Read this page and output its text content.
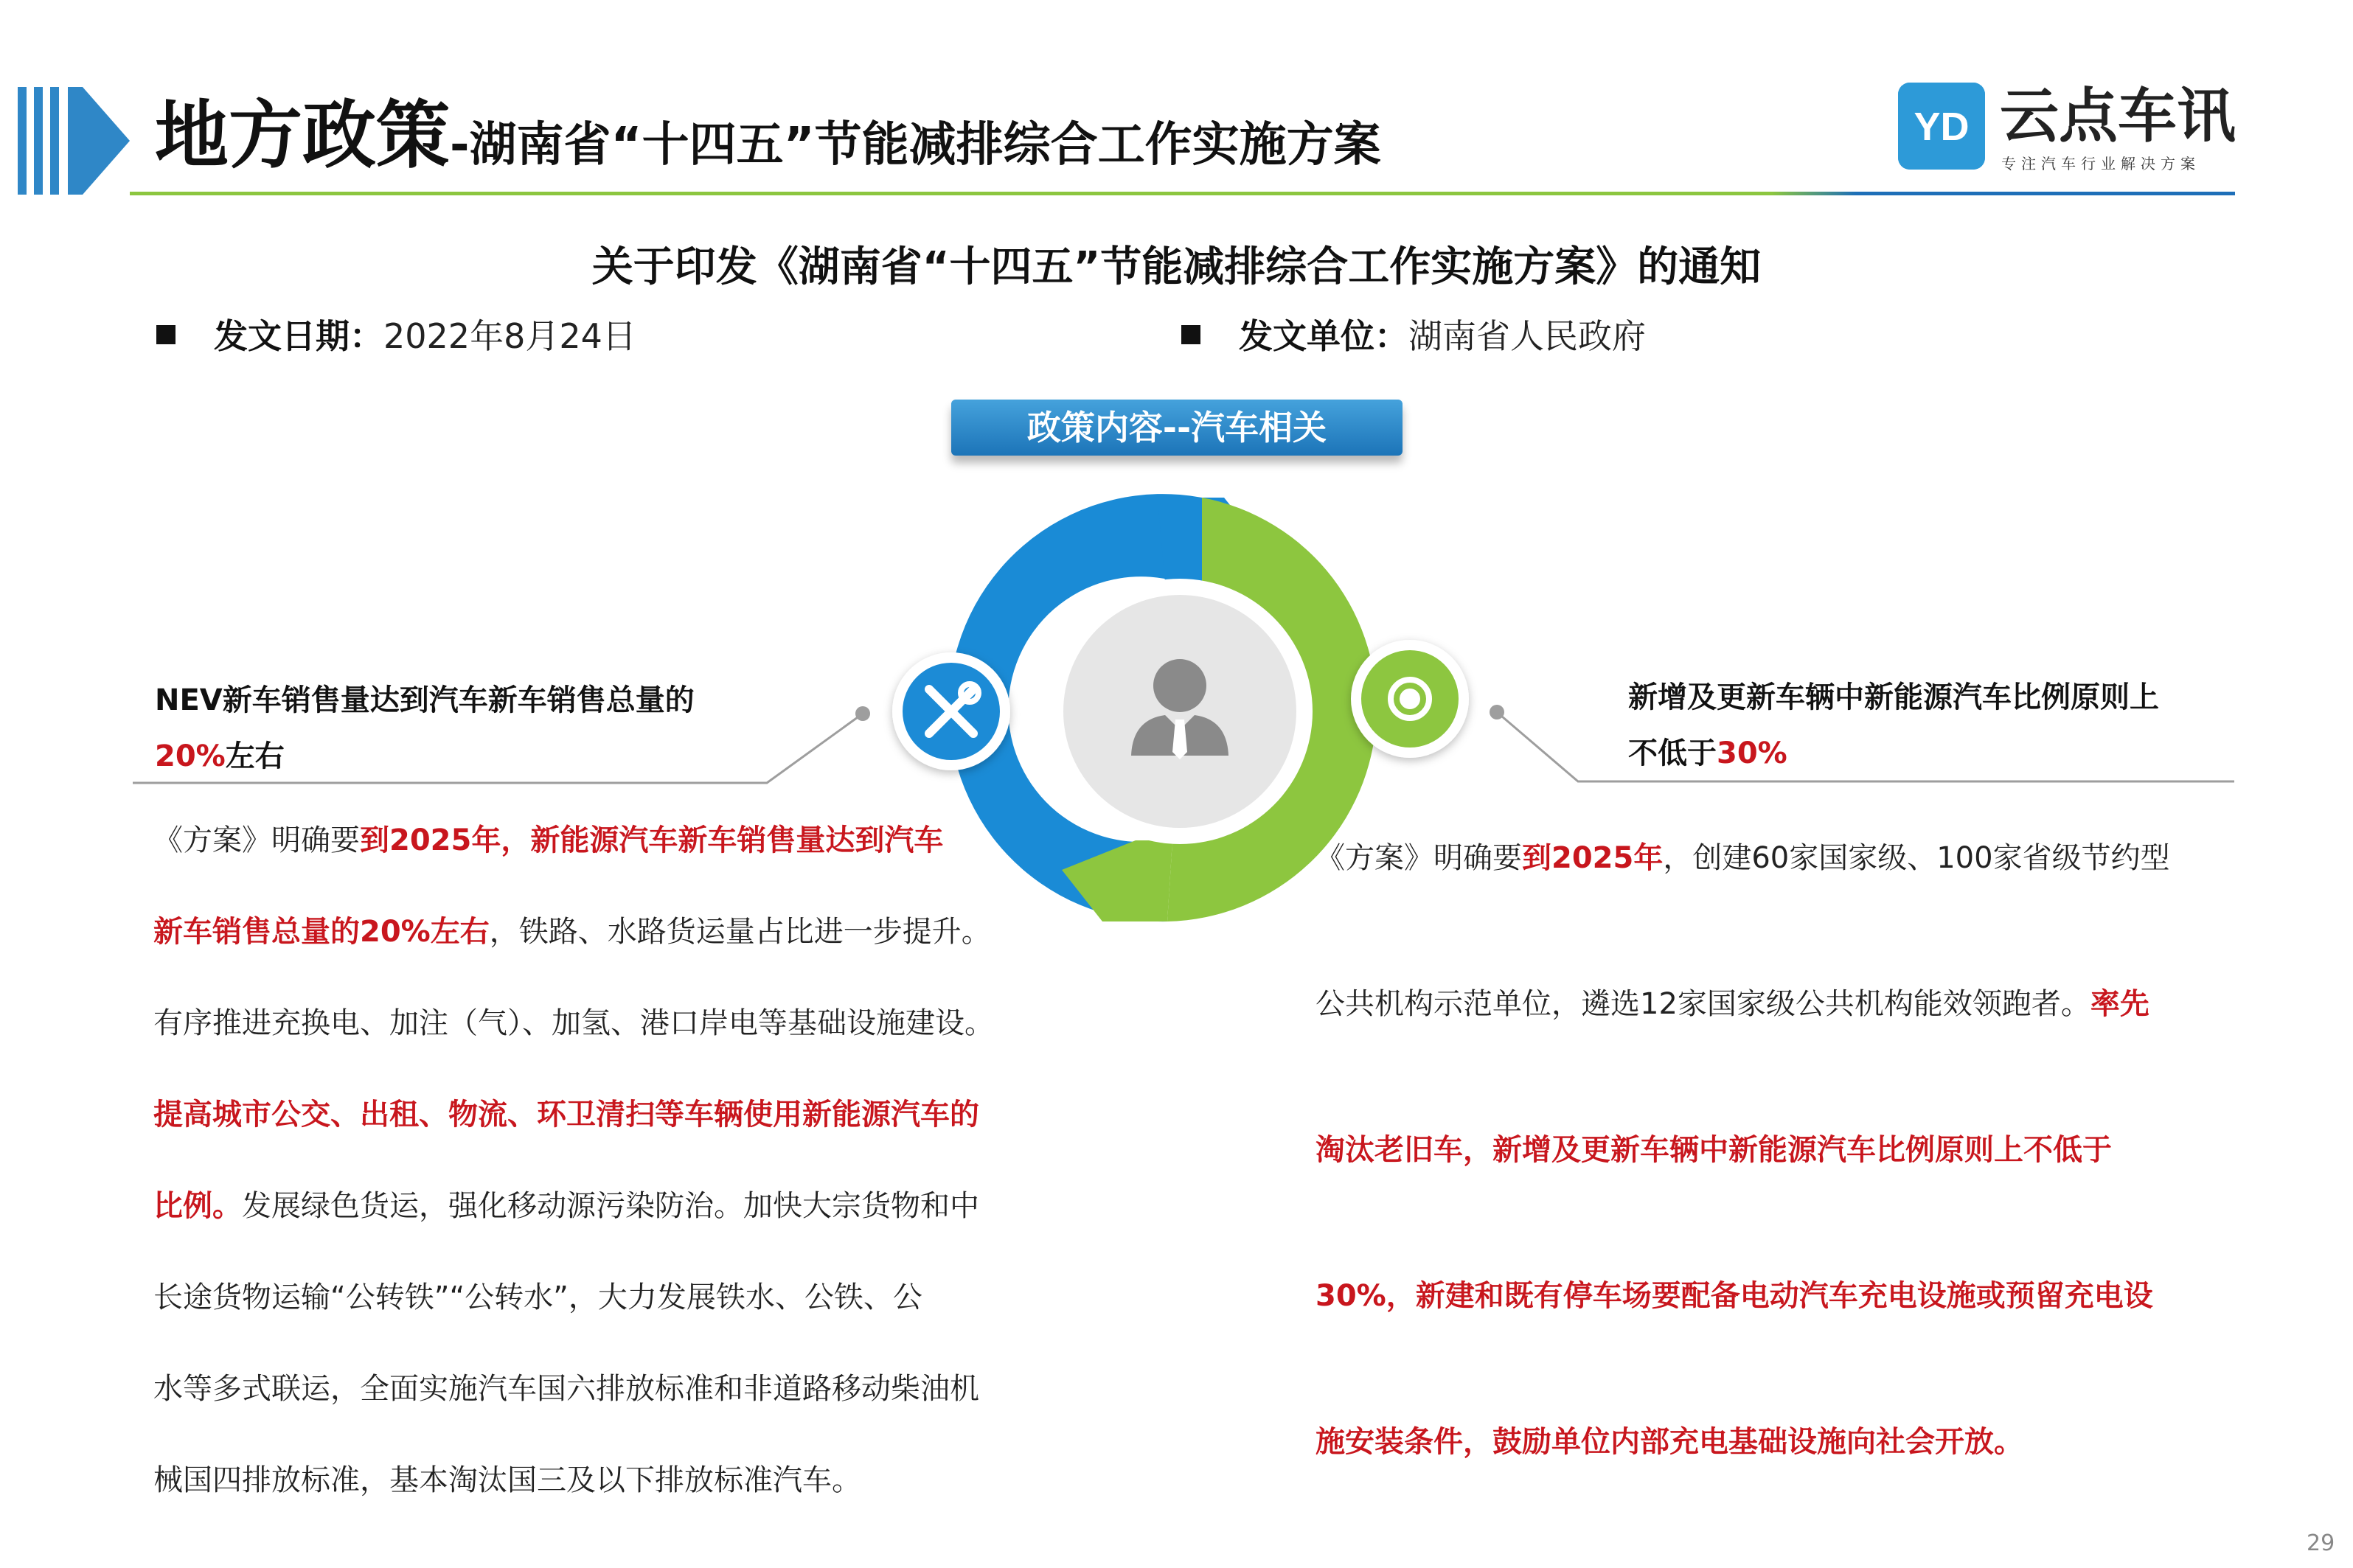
地方政策-湖南省“十四五”节能减排综合工作实施方案	YD 云点车讯
专注汽车行业解决方案
关于印发《湖南省“十四五”节能减排综合工作实施方案》的通知
发文日期：2022年8月24日	发文单位：湖南省人民政府
政策内容--汽车相关
NEV新车销售量达到汽车新车销售总量的
20%左右
新增及更新车辆中新能源汽车比例原则上
不低于30%
《方案》明确要到2025年，新能源汽车新车销售量达到汽车
新车销售总量的20%左右，铁路、水路货运量占比进一步提升。
有序推进充换电、加注（气）、加氢、港口岸电等基础设施建设。
提高城市公交、出租、物流、环卫清扫等车辆使用新能源汽车的
比例。发展绿色货运，强化移动源污染防治。加快大宗货物和中
长途货物运输“公转铁”“公转水”，大力发展铁水、公铁、公
水等多式联运，全面实施汽车国六排放标准和非道路移动柴油机
械国四排放标准，基本淘汰国三及以下排放标准汽车。
《方案》明确要到2025年，创建60家国家级、100家省级节约型
公共机构示范单位，遴选12家国家级公共机构能效领跑者。率先
淘汰老旧车，新增及更新车辆中新能源汽车比例原则上不低于
30%，新建和既有停车场要配备电动汽车充电设施或预留充电设
施安装条件，鼓励单位内部充电基础设施向社会开放。
29
